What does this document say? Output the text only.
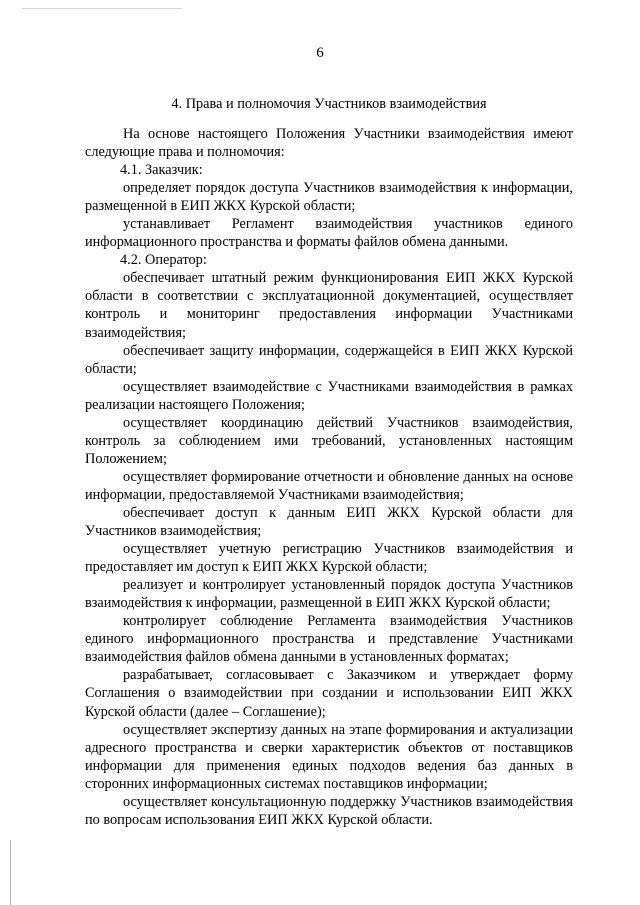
6
4. Права и полномочия Участников взаимодействия

На основе настоящего Положения Участники взаимодействия имеют следующие права и полномочия:

4.1. Заказчик:

определяет порядок доступа Участников взаимодействия к информации, размещенной в ЕИП ЖКХ Курской области;

устанавливает Регламент взаимодействия участников единого информационного пространства и форматы файлов обмена данными.

4.2. Оператор:

обеспечивает штатный режим функционирования ЕИП ЖКХ Курской области в соответствии с эксплуатационной документацией, осуществляет контроль и мониторинг предоставления информации Участниками взаимодействия;

обеспечивает защиту информации, содержащейся в ЕИП ЖКХ Курской области;

осуществляет взаимодействие с Участниками взаимодействия в рамках реализации настоящего Положения;

осуществляет координацию действий Участников взаимодействия, контроль за соблюдением ими требований, установленных настоящим Положением;

осуществляет формирование отчетности и обновление данных на основе информации, предоставляемой Участниками взаимодействия;

обеспечивает доступ к данным ЕИП ЖКХ Курской области для Участников взаимодействия;

осуществляет учетную регистрацию Участников взаимодействия и предоставляет им доступ к ЕИП ЖКХ Курской области;

реализует и контролирует установленный порядок доступа Участников взаимодействия к информации, размещенной в ЕИП ЖКХ Курской области;

контролирует соблюдение Регламента взаимодействия Участников единого информационного пространства и представление Участниками взаимодействия файлов обмена данными в установленных форматах;

разрабатывает, согласовывает с Заказчиком и утверждает форму Соглашения о взаимодействии при создании и использовании ЕИП ЖКХ Курской области (далее – Соглашение);

осуществляет экспертизу данных на этапе формирования и актуализации адресного пространства и сверки характеристик объектов от поставщиков информации для применения единых подходов ведения баз данных в сторонних информационных системах поставщиков информации;

осуществляет консультационную поддержку Участников взаимодействия по вопросам использования ЕИП ЖКХ Курской области.
